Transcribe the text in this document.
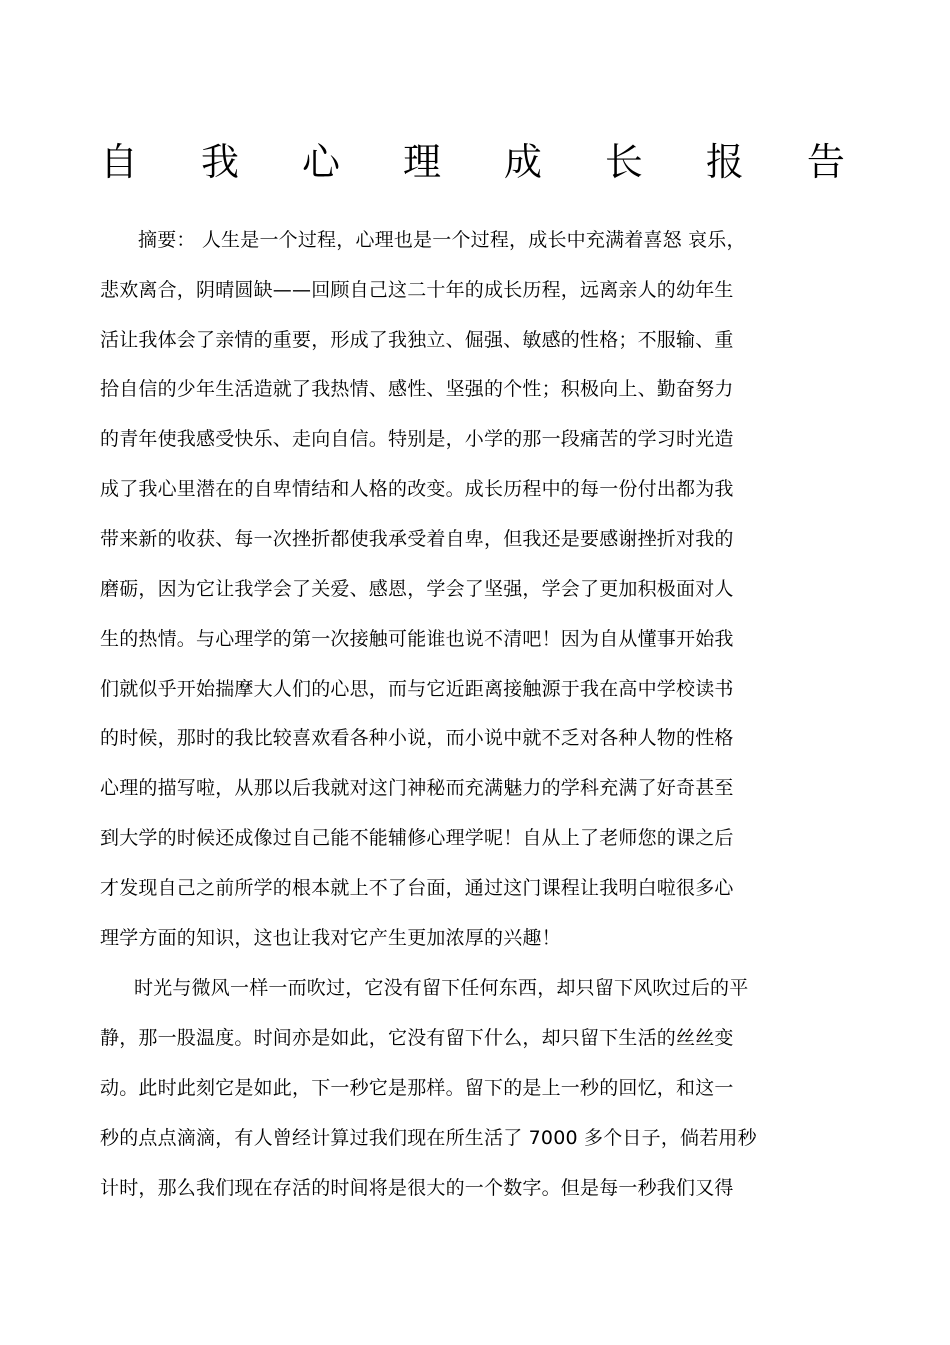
自 我 心 理 成 长 报 告
摘要： 人生是一个过程，心理也是一个过程，成长中充满着喜怒 哀乐，
悲欢离合，阴晴圆缺——回顾自己这二十年的成长历程，远离亲人的幼年生
活让我体会了亲情的重要，形成了我独立、倔强、敏感的性格；不服输、重
拾自信的少年生活造就了我热情、感性、坚强的个性；积极向上、勤奋努力
的青年使我感受快乐、走向自信。特别是，小学的那一段痛苦的学习时光造
成了我心里潜在的自卑情结和人格的改变。成长历程中的每一份付出都为我
带来新的收获、每一次挫折都使我承受着自卑，但我还是要感谢挫折对我的
磨砺，因为它让我学会了关爱、感恩，学会了坚强，学会了更加积极面对人
生的热情。与心理学的第一次接触可能谁也说不清吧！因为自从懂事开始我
们就似乎开始揣摩大人们的心思，而与它近距离接触源于我在高中学校读书
的时候，那时的我比较喜欢看各种小说，而小说中就不乏对各种人物的性格
心理的描写啦，从那以后我就对这门神秘而充满魅力的学科充满了好奇甚至
到大学的时候还成像过自己能不能辅修心理学呢！自从上了老师您的课之后
才发现自己之前所学的根本就上不了台面，通过这门课程让我明白啦很多心
理学方面的知识，这也让我对它产生更加浓厚的兴趣！
时光与微风一样一而吹过，它没有留下任何东西，却只留下风吹过后的平
静，那一股温度。时间亦是如此，它没有留下什么，却只留下生活的丝丝变
动。此时此刻它是如此，下一秒它是那样。留下的是上一秒的回忆，和这一
秒的点点滴滴，有人曾经计算过我们现在所生活了 7000 多个日子，倘若用秒
计时，那么我们现在存活的时间将是很大的一个数字。但是每一秒我们又得
